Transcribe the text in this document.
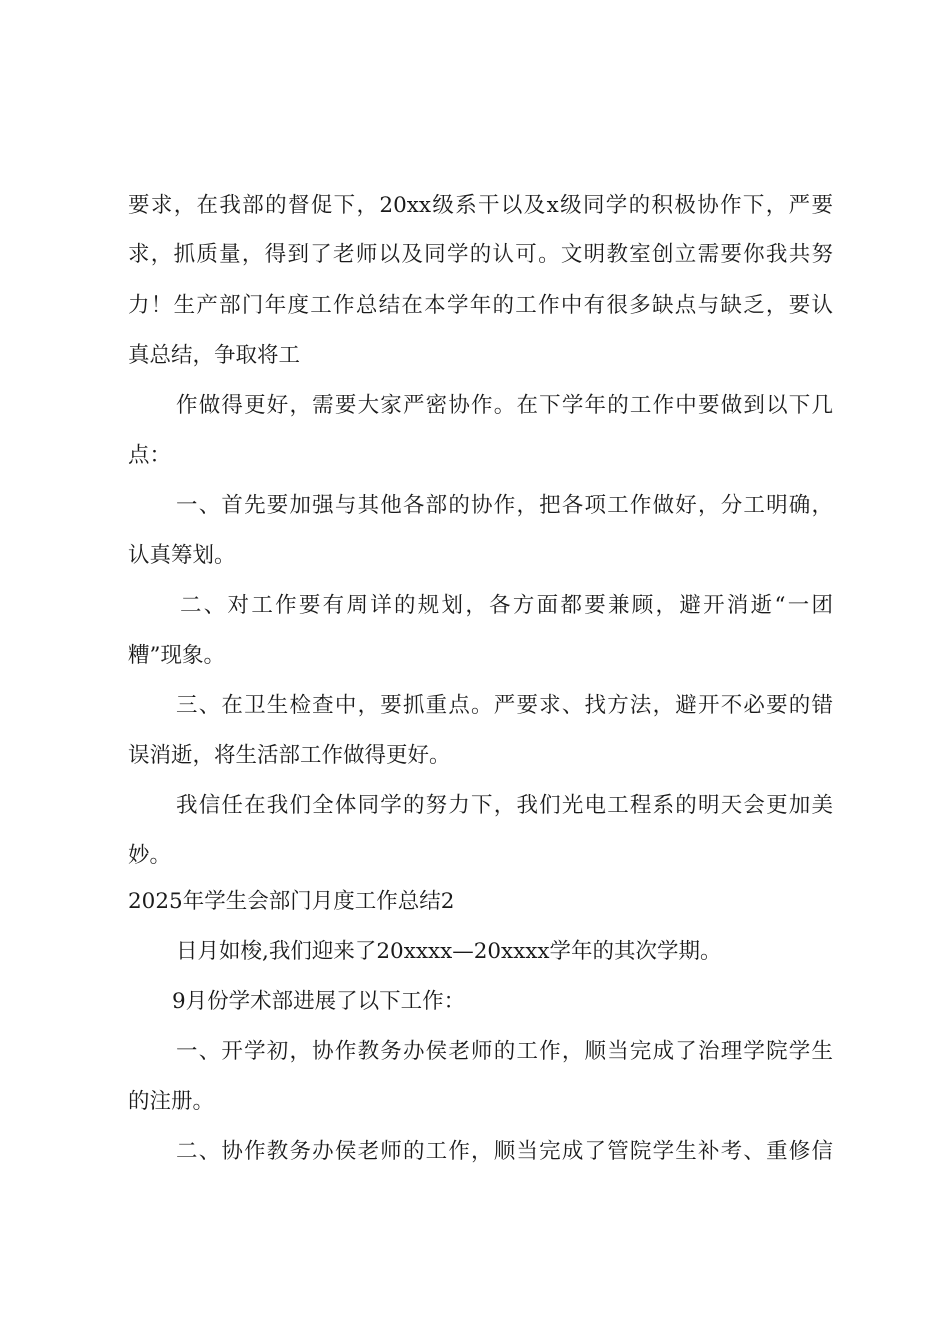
要求，在我部的督促下，20xx级系干以及x级同学的积极协作下，严要
求，抓质量，得到了老师以及同学的认可。文明教室创立需要你我共努
力！生产部门年度工作总结在本学年的工作中有很多缺点与缺乏，要认
真总结，争取将工
作做得更好，需要大家严密协作。在下学年的工作中要做到以下几
点：
一、首先要加强与其他各部的协作，把各项工作做好，分工明确，
认真筹划。
二、对工作要有周详的规划，各方面都要兼顾，避开消逝“一团
糟”现象。
三、在卫生检查中，要抓重点。严要求、找方法，避开不必要的错
误消逝，将生活部工作做得更好。
我信任在我们全体同学的努力下，我们光电工程系的明天会更加美
妙。
2025年学生会部门月度工作总结2
日月如梭,我们迎来了20xxxx—20xxxx学年的其次学期。
9月份学术部进展了以下工作：
一、开学初，协作教务办侯老师的工作，顺当完成了治理学院学生
的注册。
二、协作教务办侯老师的工作，顺当完成了管院学生补考、重修信
